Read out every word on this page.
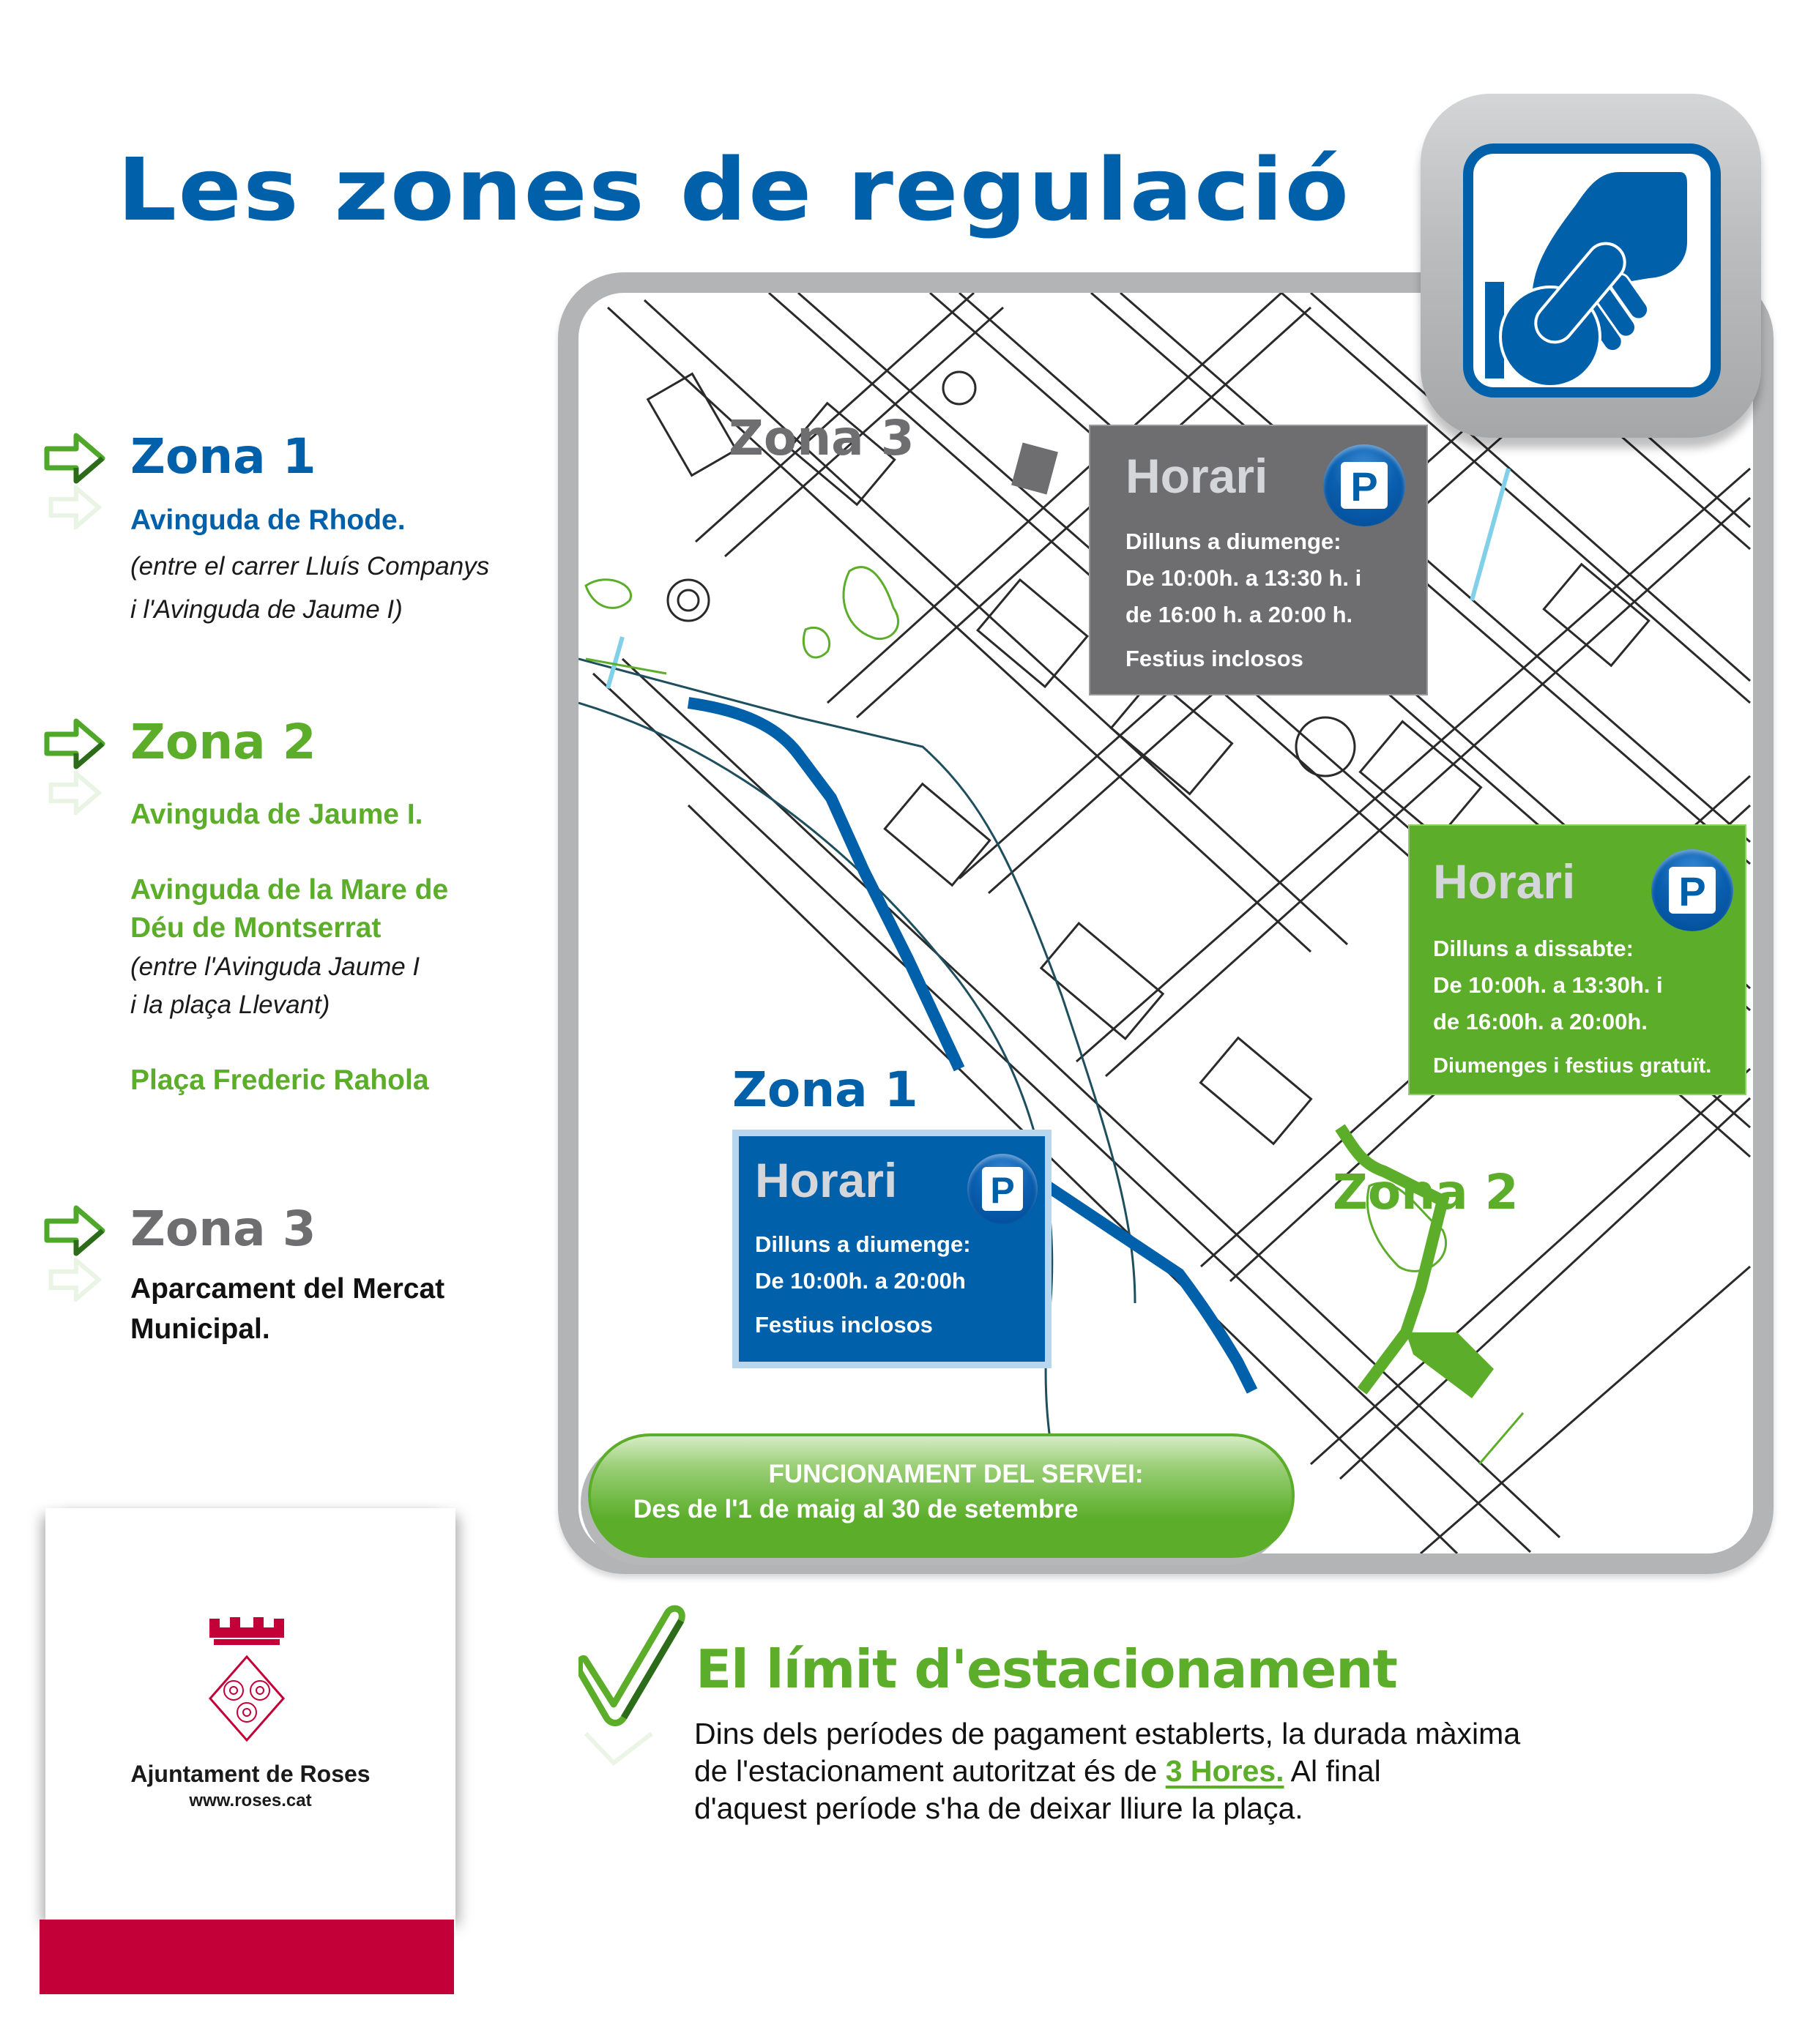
Les zones de regulació
Zona 1
Avinguda de Rhode.
(entre el carrer Lluís Companys
i l'Avinguda de Jaume I)
Zona 2
Avinguda de Jaume I.
Avinguda de la Mare de
Déu de Montserrat
(entre l'Avinguda Jaume I
i la plaça Llevant)
Plaça Frederic Rahola
Zona 3
Aparcament del Mercat
Municipal.
Zona 3
Zona 1
Zona 2
Horari P
Dilluns a diumenge:
De 10:00h. a 13:30 h. i
de 16:00 h. a 20:00 h.
Festius inclosos
Horari	P
Dilluns a dissabte:
De 10:00h. a 13:30h. i
de 16:00h. a 20:00h.
Diumenges i festius gratuït.
Horari	P
Dilluns a diumenge:
De 10:00h. a 20:00h
Festius inclosos
FUNCIONAMENT DEL SERVEI:
Des de l'1 de maig al 30 de setembre
El límit d'estacionament
Dins dels períodes de pagament establerts, la durada màxima
de l'estacionament autoritzat és de 3 Hores. Al final
d'aquest període s'ha de deixar lliure la plaça.
Ajuntament de Roses
www.roses.cat
